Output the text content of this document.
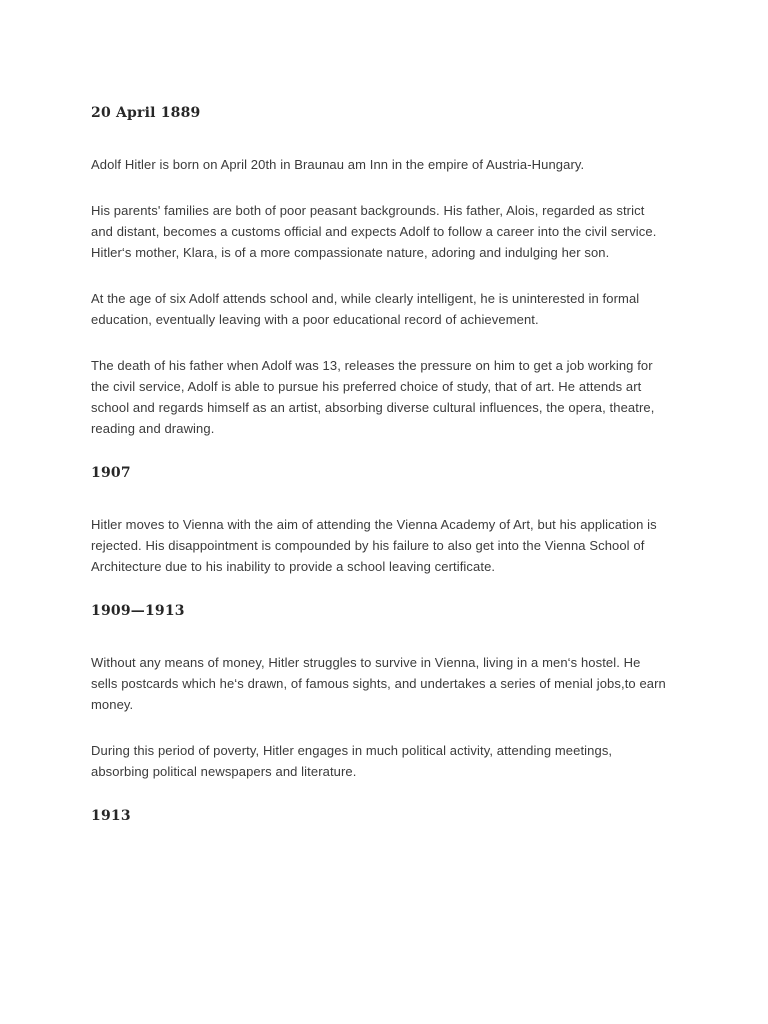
20 April 1889

Adolf Hitler is born on April 20th in Braunau am Inn in the empire of Austria-Hungary.

His parents' families are both of poor peasant backgrounds. His father, Alois, regarded as strict and distant, becomes a customs official and expects Adolf to follow a career into the civil service. Hitler‘s mother, Klara, is of a more compassionate nature, adoring and indulging her son.

At the age of six Adolf attends school and, while clearly intelligent, he is uninterested in formal education, eventually leaving with a poor educational record of achievement.

The death of his father when Adolf was 13, releases the pressure on him to get a job working for the civil service, Adolf is able to pursue his preferred choice of study, that of art. He attends art school and regards himself as an artist, absorbing diverse cultural influences, the opera, theatre, reading and drawing.

1907

Hitler moves to Vienna with the aim of attending the Vienna Academy of Art, but his application is rejected. His disappointment is compounded by his failure to also get into the Vienna School of Architecture due to his inability to provide a school leaving certificate.

1909—1913

Without any means of money, Hitler struggles to survive in Vienna, living in a men‘s hostel. He sells postcards which he‘s drawn, of famous sights, and undertakes a series of menial jobs,to earn money.

During this period of poverty, Hitler engages in much political activity, attending meetings, absorbing political newspapers and literature.

1913
